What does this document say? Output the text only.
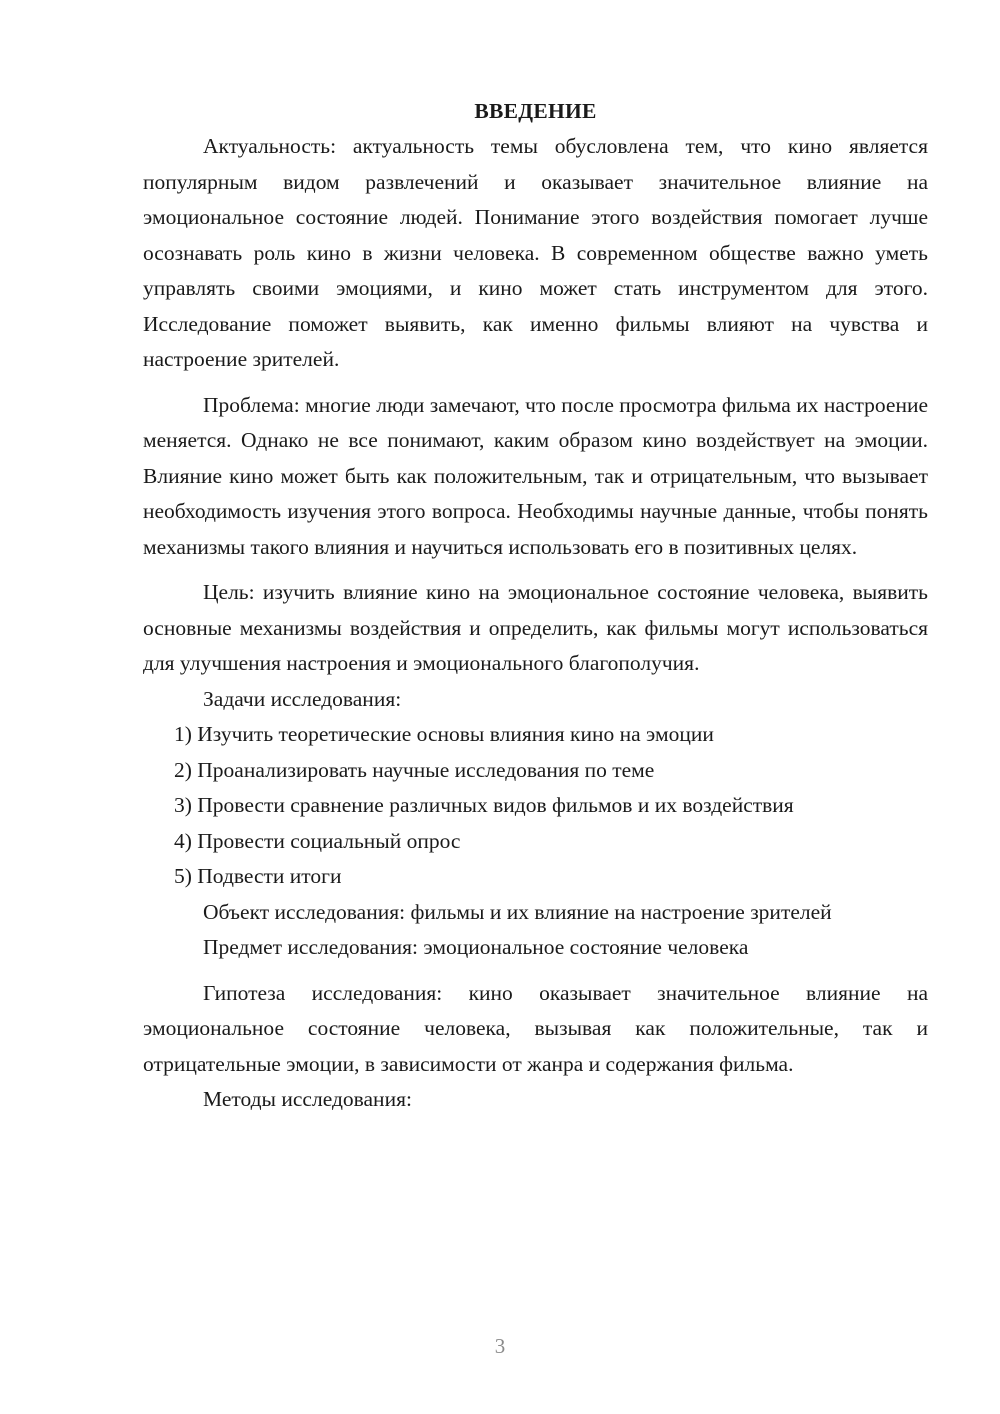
ВВЕДЕНИЕ

Актуальность: актуальность темы обусловлена тем, что кино является популярным видом развлечений и оказывает значительное влияние на эмоциональное состояние людей. Понимание этого воздействия помогает лучше осознавать роль кино в жизни человека. В современном обществе важно уметь управлять своими эмоциями, и кино может стать инструментом для этого. Исследование поможет выявить, как именно фильмы влияют на чувства и настроение зрителей.

Проблема: многие люди замечают, что после просмотра фильма их настроение меняется. Однако не все понимают, каким образом кино воздействует на эмоции. Влияние кино может быть как положительным, так и отрицательным, что вызывает необходимость изучения этого вопроса. Необходимы научные данные, чтобы понять механизмы такого влияния и научиться использовать его в позитивных целях.

Цель: изучить влияние кино на эмоциональное состояние человека, выявить основные механизмы воздействия и определить, как фильмы могут использоваться для улучшения настроения и эмоционального благополучия.

Задачи исследования:

1) Изучить теоретические основы влияния кино на эмоции

2) Проанализировать научные исследования по теме

3) Провести сравнение различных видов фильмов и их воздействия

4) Провести социальный опрос

5) Подвести итоги

Объект исследования: фильмы и их влияние на настроение зрителей

Предмет исследования: эмоциональное состояние человека

Гипотеза исследования: кино оказывает значительное влияние на эмоциональное состояние человека, вызывая как положительные, так и отрицательные эмоции, в зависимости от жанра и содержания фильма.

Методы исследования:

3
